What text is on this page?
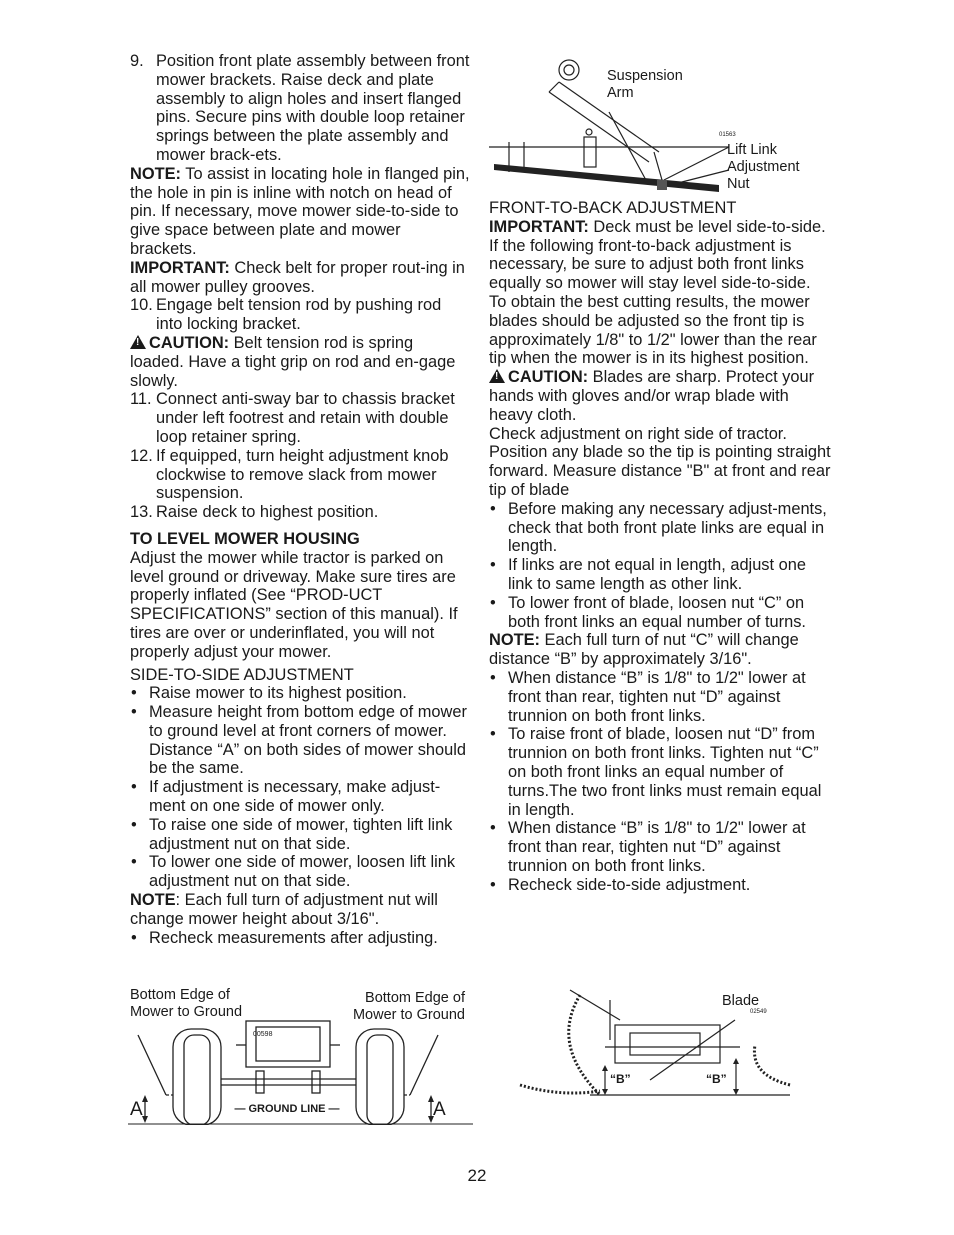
9. Position front plate assembly between front mower brackets. Raise deck and plate assembly to align holes and insert flanged pins. Secure pins with double loop retainer springs between the plate assembly and mower brack-ets.

NOTE: To assist in locating hole in flanged pin, the hole in pin is inline with notch on head of pin. If necessary, move mower side-to-side to give space between plate and mower brackets.

IMPORTANT: Check belt for proper rout-ing in all mower pulley grooves.

10. Engage belt tension rod by pushing rod into locking bracket.

!CAUTION: Belt tension rod is spring loaded. Have a tight grip on rod and en-gage slowly.

11. Connect anti-sway bar to chassis bracket under left footrest and retain with double loop retainer spring.
12. If equipped, turn height adjustment knob clockwise to remove slack from mower suspension.
13. Raise deck to highest position.

TO LEVEL MOWER HOUSING

Adjust the mower while tractor is parked on level ground or driveway. Make sure tires are properly inflated (See “PROD-UCT SPECIFICATIONS” section of this manual). If tires are over or underinflated, you will not properly adjust your mower.

SIDE-TO-SIDE ADJUSTMENT

• Raise mower to its highest position.
• Measure height from bottom edge of mower to ground level at front corners of mower. Distance “A” on both sides of mower should be the same.
• If adjustment is necessary, make adjust-ment on one side of mower only.
• To raise one side of mower, tighten lift link adjustment nut on that side.
• To lower one side of mower, loosen lift link adjustment nut on that side.

NOTE: Each full turn of adjustment nut will change mower height about 3/16".

• Recheck measurements after adjusting.
Bottom Edge of
Mower to Ground
Bottom Edge of
Mower to Ground
00598
— GROUND LINE —
A	A
Suspension
Arm
Lift Link
Adjustment
Nut
01563

FRONT-TO-BACK ADJUSTMENT

IMPORTANT: Deck must be level side-to-side. If the following front-to-back adjustment is necessary, be sure to adjust both front links equally so mower will stay level side-to-side.

To obtain the best cutting results, the mower blades should be adjusted so the front tip is approximately 1/8" to 1/2" lower than the rear tip when the mower is in its highest position.

!CAUTION: Blades are sharp. Protect your hands with gloves and/or wrap blade with heavy cloth.

Check adjustment on right side of tractor. Position any blade so the tip is pointing straight forward. Measure distance "B" at front and rear tip of blade

• Before making any necessary adjust-ments, check that both front plate links are equal in length.
• If links are not equal in length, adjust one link to same length as other link.
• To lower front of blade, loosen nut “C” on both front links an equal number of turns.

NOTE: Each full turn of nut “C” will change distance “B” by approximately 3/16".

• When distance “B” is 1/8" to 1/2" lower at front than rear, tighten nut “D” against trunnion on both front links.
• To raise front of blade, loosen nut “D” from trunnion on both front links. Tighten nut “C” on both front links an equal number of turns.The two front links must remain equal in length.
• When distance “B” is 1/8" to 1/2" lower at front than rear, tighten nut “D” against trunnion on both front links.
• Recheck side-to-side adjustment.
Blade
02549
“B”	“B”
22
